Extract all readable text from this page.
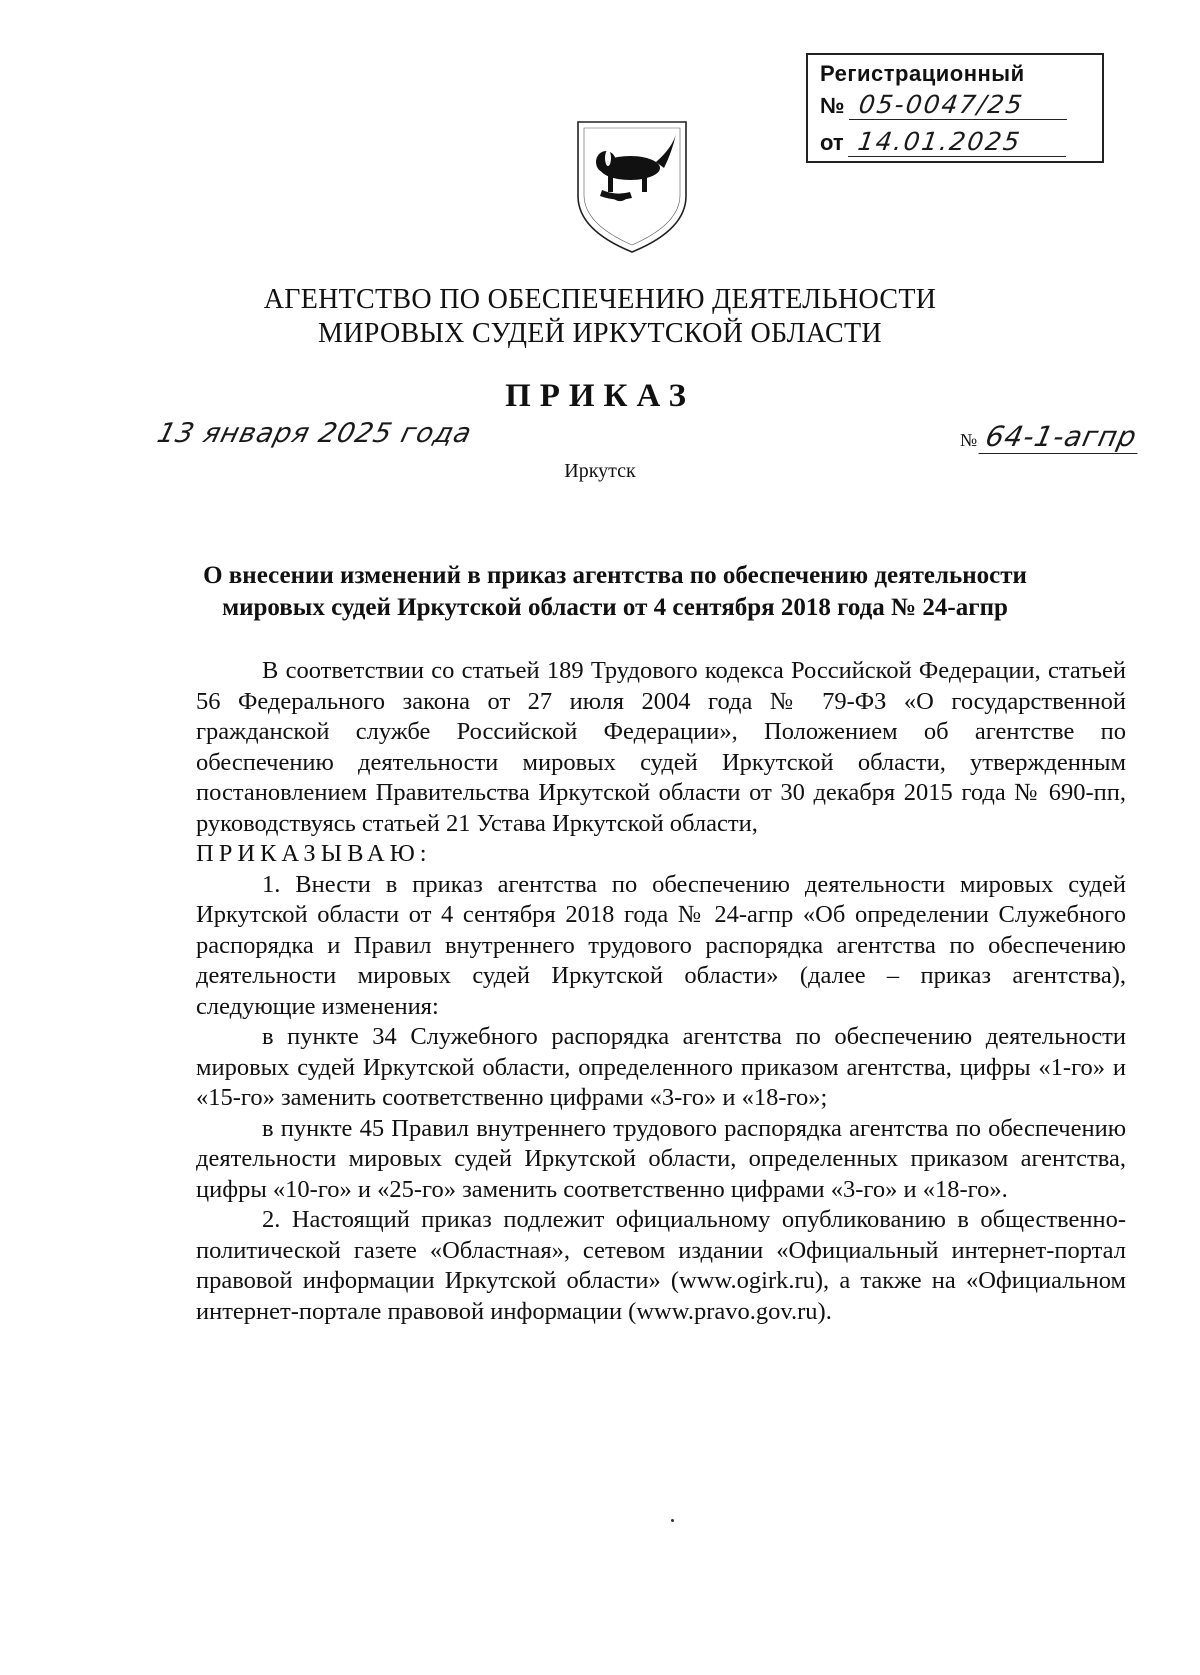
Регистрационный
№ 05-0047/25
от 14.01.2025
АГЕНТСТВО ПО ОБЕСПЕЧЕНИЮ ДЕЯТЕЛЬНОСТИ
МИРОВЫХ СУДЕЙ ИРКУТСКОЙ ОБЛАСТИ
ПРИКАЗ
13 января 2025 года	№ 64-1-агпр
Иркутск
О внесении изменений в приказ агентства по обеспечению деятельности
мировых судей Иркутской области от 4 сентября 2018 года № 24-агпр

В соответствии со статьей 189 Трудового кодекса Российской Федерации, статьей 56 Федерального закона от 27 июля 2004 года № 79-ФЗ «О государственной гражданской службе Российской Федерации», Положением об агентстве по обеспечению деятельности мировых судей Иркутской области, утвержденным постановлением Правительства Иркутской области от 30 декабря 2015 года № 690-пп, руководствуясь статьей 21 Устава Иркутской области,

ПРИКАЗЫВАЮ:

1. Внести в приказ агентства по обеспечению деятельности мировых судей Иркутской области от 4 сентября 2018 года № 24-агпр «Об определении Служебного распорядка и Правил внутреннего трудового распорядка агентства по обеспечению деятельности мировых судей Иркутской области» (далее – приказ агентства), следующие изменения:

в пункте 34 Служебного распорядка агентства по обеспечению деятельности мировых судей Иркутской области, определенного приказом агентства, цифры «1-го» и «15-го» заменить соответственно цифрами «3-го» и «18-го»;

в пункте 45 Правил внутреннего трудового распорядка агентства по обеспечению деятельности мировых судей Иркутской области, определенных приказом агентства, цифры «10-го» и «25-го» заменить соответственно цифрами «3-го» и «18-го».

2. Настоящий приказ подлежит официальному опубликованию в общественно-политической газете «Областная», сетевом издании «Официальный интернет-портал правовой информации Иркутской области» (www.ogirk.ru), а также на «Официальном интернет-портале правовой информации (www.pravo.gov.ru).
